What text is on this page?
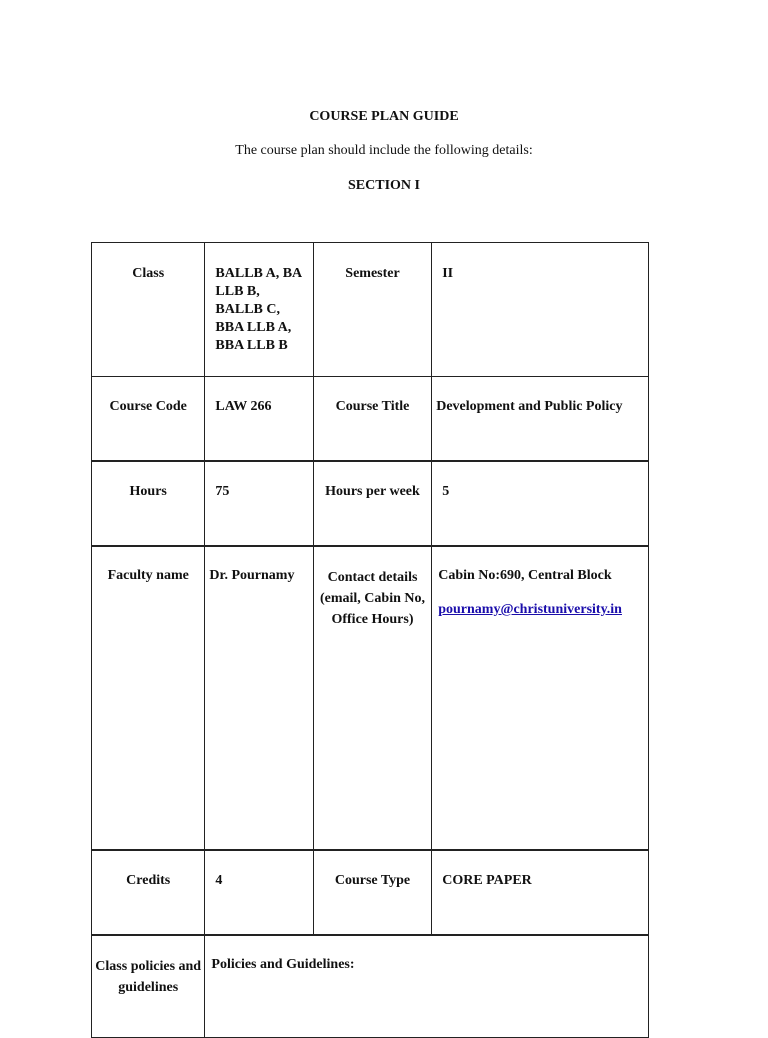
COURSE PLAN GUIDE
The course plan should include the following details:
SECTION I
Class	BALLB A, BA LLB B, BALLB C, BBA LLB A, BBA LLB B	Semester	II
Course Code	LAW 266	Course Title	Development and Public Policy
Hours	75	Hours per week	5
Faculty name	Dr. Pournamy	Contact details (email, Cabin No, Office Hours)	Cabin No:690, Central Block
pournamy@christuniversity.in
Credits	4	Course Type	CORE PAPER
Class policies and guidelines	Policies and Guidelines:		
